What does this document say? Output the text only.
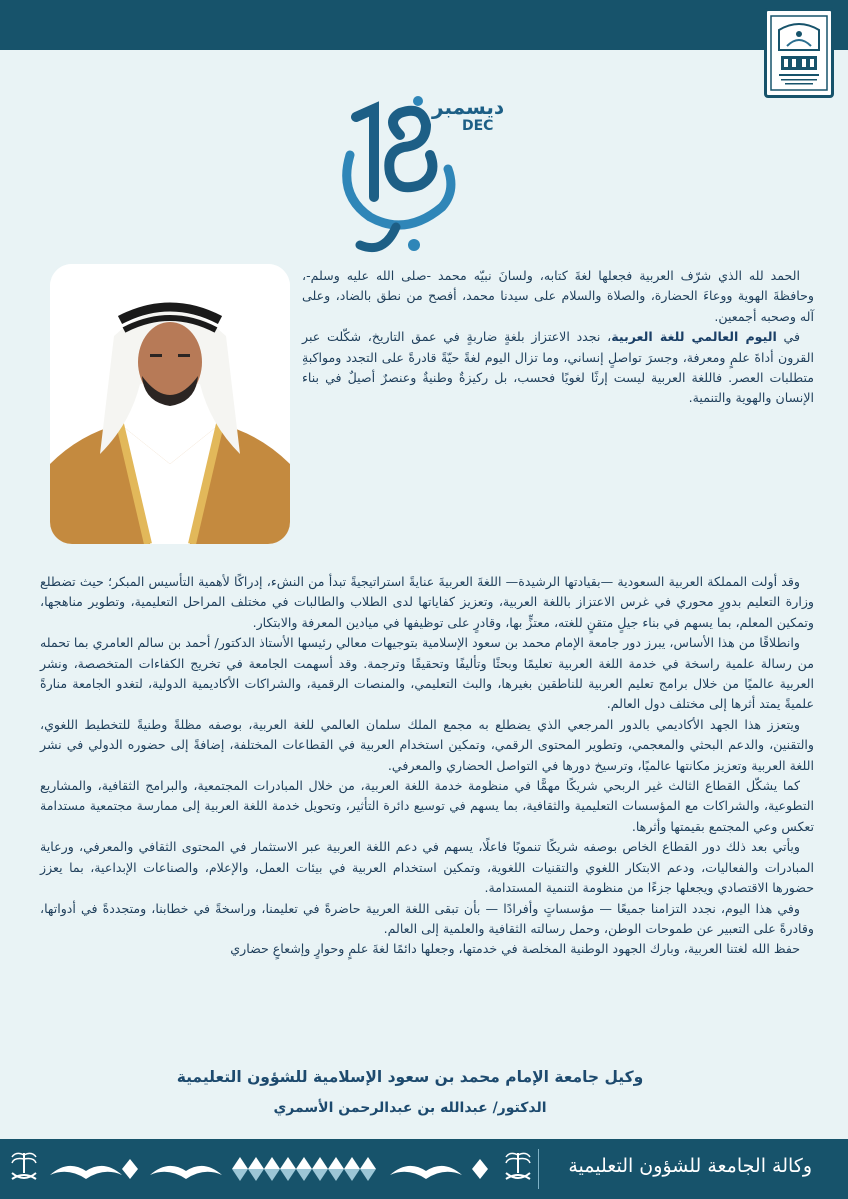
ديسمبر
DEC

الحمد لله الذي شرّف العربية فجعلها لغةَ كتابه، ولسانَ نبيّه محمد -صلى الله عليه وسلم-، وحافظةَ الهوية ووعاءَ الحضارة، والصلاة والسلام على سيدنا محمد، أفصح من نطق بالضاد، وعلى آله وصحبه أجمعين.

في اليوم العالمي للغة العربية، نجدد الاعتزاز بلغةٍ ضاربةٍ في عمق التاريخ، شكّلت عبر القرون أداةَ علمٍ ومعرفة، وجسرَ تواصلٍ إنساني، وما تزال اليوم لغةً حيّةً قادرةً على التجدد ومواكبةِ متطلبات العصر. فاللغة العربية ليست إرثًا لغويًا فحسب، بل ركيزةٌ وطنيةٌ وعنصرٌ أصيلٌ في بناء الإنسان والهوية والتنمية.

وقد أولت المملكة العربية السعودية —بقيادتها الرشيدة— اللغةَ العربيةَ عنايةً استراتيجيةً تبدأ من النشء، إدراكًا لأهمية التأسيس المبكر؛ حيث تضطلع وزارة التعليم بدورٍ محوري في غرس الاعتزاز باللغة العربية، وتعزيز كفاياتها لدى الطلاب والطالبات في مختلف المراحل التعليمية، وتطوير مناهجها، وتمكين المعلم، بما يسهم في بناء جيلٍ متقنٍ للغته، معتزٍّ بها، وقادرٍ على توظيفها في ميادين المعرفة والابتكار.

وانطلاقًا من هذا الأساس، يبرز دور جامعة الإمام محمد بن سعود الإسلامية بتوجيهات معالي رئيسها الأستاذ الدكتور/ أحمد بن سالم العامري بما تحمله من رسالة علمية راسخة في خدمة اللغة العربية تعليمًا وبحثًا وتأليفًا وتحقيقًا وترجمة. وقد أسهمت الجامعة في تخريج الكفاءات المتخصصة، ونشر العربية عالميًا من خلال برامج تعليم العربية للناطقين بغيرها، والبث التعليمي، والمنصات الرقمية، والشراكات الأكاديمية الدولية، لتغدو الجامعة منارةً علميةً يمتد أثرها إلى مختلف دول العالم.

ويتعزز هذا الجهد الأكاديمي بالدور المرجعي الذي يضطلع به مجمع الملك سلمان العالمي للغة العربية، بوصفه مظلةً وطنيةً للتخطيط اللغوي، والتقنين، والدعم البحثي والمعجمي، وتطوير المحتوى الرقمي، وتمكين استخدام العربية في القطاعات المختلفة، إضافةً إلى حضوره الدولي في نشر اللغة العربية وتعزيز مكانتها عالميًا، وترسيخ دورها في التواصل الحضاري والمعرفي.

كما يشكّل القطاع الثالث غير الربحي شريكًا مهمًّا في منظومة خدمة اللغة العربية، من خلال المبادرات المجتمعية، والبرامج الثقافية، والمشاريع التطوعية، والشراكات مع المؤسسات التعليمية والثقافية، بما يسهم في توسيع دائرة التأثير، وتحويل خدمة اللغة العربية إلى ممارسة مجتمعية مستدامة تعكس وعي المجتمع بقيمتها وأثرها.

ويأتي بعد ذلك دور القطاع الخاص بوصفه شريكًا تنمويًا فاعلًا، يسهم في دعم اللغة العربية عبر الاستثمار في المحتوى الثقافي والمعرفي، ورعاية المبادرات والفعاليات، ودعم الابتكار اللغوي والتقنيات اللغوية، وتمكين استخدام العربية في بيئات العمل، والإعلام، والصناعات الإبداعية، بما يعزز حضورها الاقتصادي ويجعلها جزءًا من منظومة التنمية المستدامة.

وفي هذا اليوم، نجدد التزامنا جميعًا — مؤسساتٍ وأفرادًا — بأن تبقى اللغة العربية حاضرةً في تعليمنا، وراسخةً في خطابنا، ومتجددةً في أدواتها، وقادرةً على التعبير عن طموحات الوطن، وحمل رسالته الثقافية والعلمية إلى العالم.

حفظ الله لغتنا العربية، وبارك الجهود الوطنية المخلصة في خدمتها، وجعلها دائمًا لغةَ علمٍ وحوارٍ وإشعاعٍ حضاري

وكيل جامعة الإمام محمد بن سعود الإسلامية للشؤون التعليمية
الدكتور/ عبدالله بن عبدالرحمن الأسمري
وكالة الجامعة للشؤون التعليمية
